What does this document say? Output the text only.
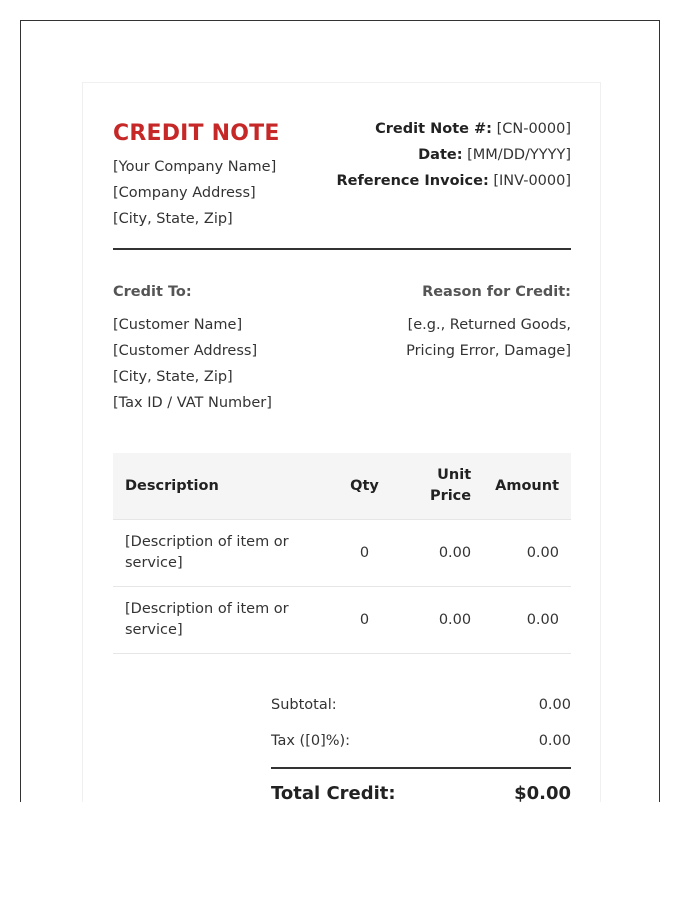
CREDIT NOTE
[Your Company Name]
[Company Address]
[City, State, Zip]
Credit Note #: [CN-0000]
Date: [MM/DD/YYYY]
Reference Invoice: [INV-0000]
Credit To:
[Customer Name]
[Customer Address]
[City, State, Zip]
[Tax ID / VAT Number]
Reason for Credit:
[e.g., Returned Goods,
Pricing Error, Damage]
Description	Qty	Unit Price	Amount
[Description of item or service]	0	0.00	0.00
[Description of item or service]	0	0.00	0.00
Subtotal:	0.00
Tax ([0]%):	0.00
Total Credit:	$0.00
